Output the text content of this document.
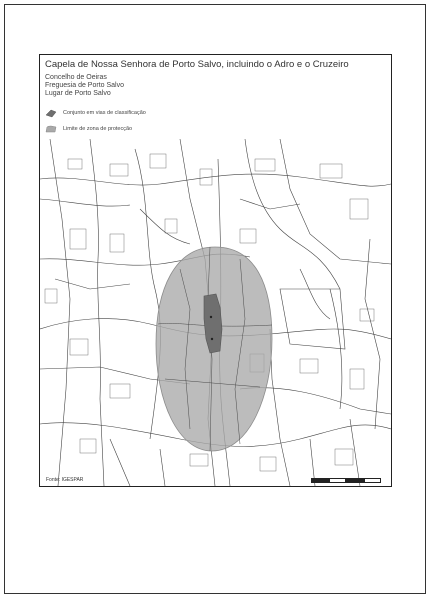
Capela de Nossa Senhora de Porto Salvo, incluindo o Adro e o Cruzeiro
Concelho de Oeiras
Freguesia de Porto Salvo
Lugar de Porto Salvo
Conjunto em vias de classificação
Limite de zona de protecção
Fonte: IGESPAR
